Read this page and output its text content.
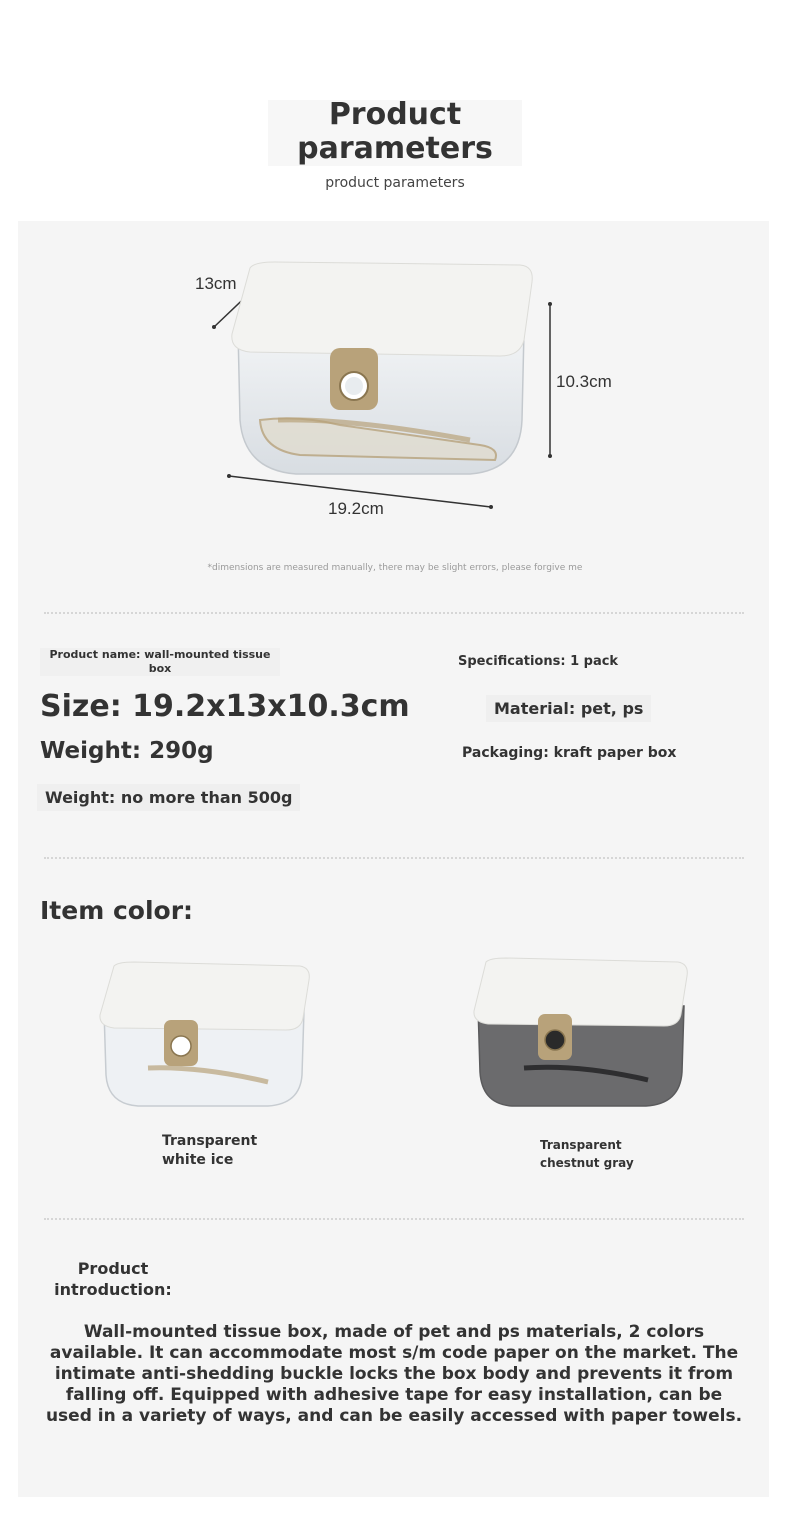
Product parameters
product parameters
13cm
10.3cm
19.2cm
*dimensions are measured manually, there may be slight errors, please forgive me
Product name: wall-mounted tissue box	Specifications: 1 pack
Size: 19.2x13x10.3cm	Material: pet, ps
Weight: 290g	Packaging: kraft paper box
Weight: no more than 500g
Item color:
Transparent
white ice
Transparent
chestnut gray
Product
introduction:
Wall-mounted tissue box, made of pet and ps materials, 2 colors available. It can accommodate most s/m code paper on the market. The intimate anti-shedding buckle locks the box body and prevents it from falling off. Equipped with adhesive tape for easy installation, can be used in a variety of ways, and can be easily accessed with paper towels.
